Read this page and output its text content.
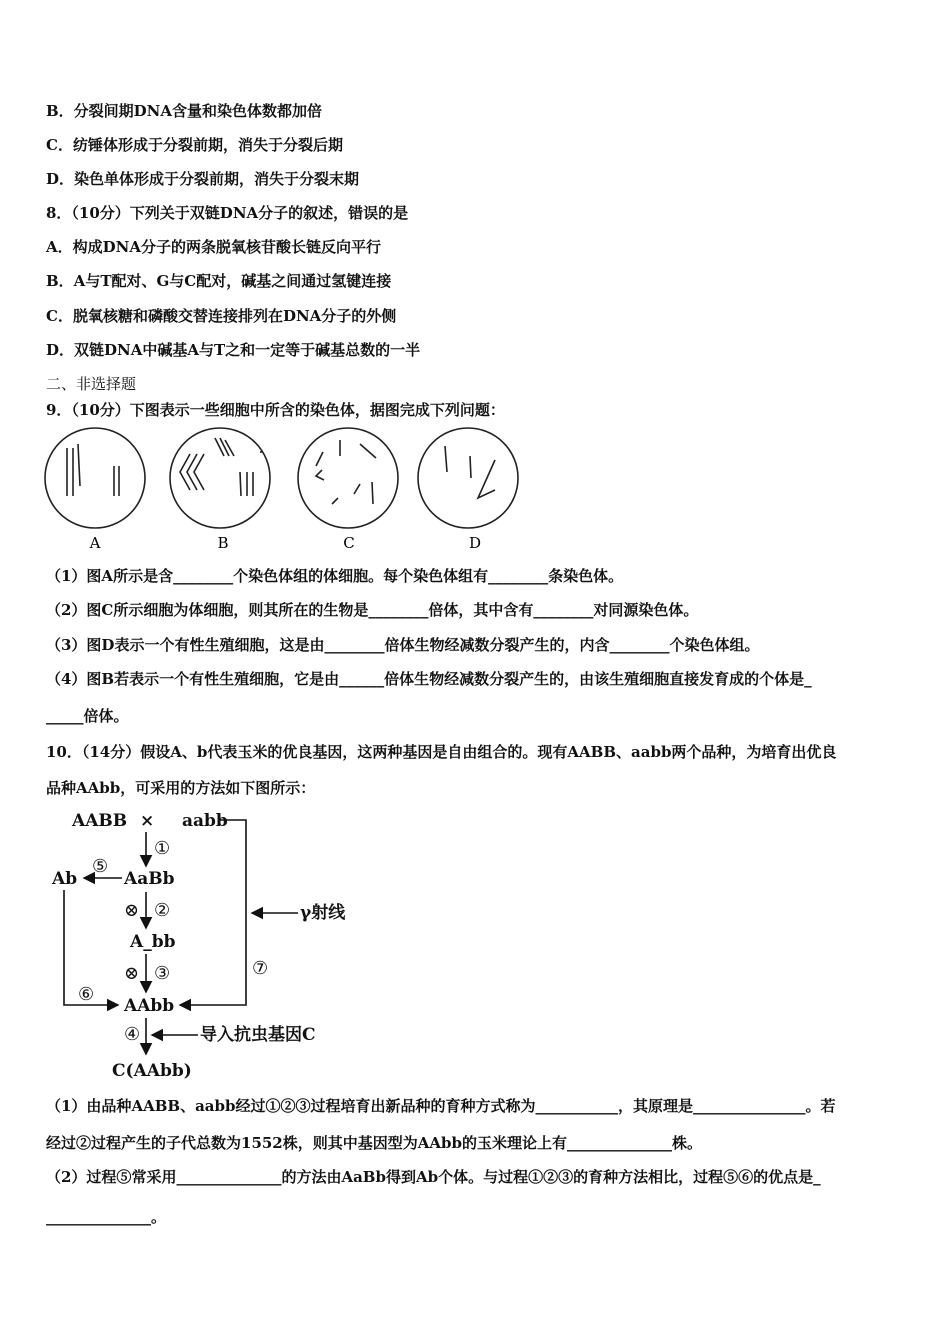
B．分裂间期DNA含量和染色体数都加倍
C．纺锤体形成于分裂前期，消失于分裂后期
D．染色单体形成于分裂前期，消失于分裂末期
8．（10分）下列关于双链DNA分子的叙述，错误的是
A．构成DNA分子的两条脱氧核苷酸长链反向平行
B．A与T配对、G与C配对，碱基之间通过氢键连接
C．脱氧核糖和磷酸交替连接排列在DNA分子的外侧
D．双链DNA中碱基A与T之和一定等于碱基总数的一半
二、非选择题
9．（10分）下图表示一些细胞中所含的染色体，据图完成下列问题：
A	B	C	D
（1）图A所示是含________个染色体组的体细胞。每个染色体组有________条染色体。
（2）图C所示细胞为体细胞，则其所在的生物是________倍体，其中含有________对同源染色体。
（3）图D表示一个有性生殖细胞，这是由________倍体生物经减数分裂产生的，内含________个染色体组。
（4）图B若表示一个有性生殖细胞，它是由______倍体生物经减数分裂产生的，由该生殖细胞直接发育成的个体是_
_____倍体。
10．（14分）假设A、b代表玉米的优良基因，这两种基因是自由组合的。现有AABB、aabb两个品种，为培育出优良
品种AAbb，可采用的方法如下图所示：
AABB × aabb
Ab	AaBb
A_bb
AAbb
C(AAbb)
γ射线
导入抗虫基因C
①
⑤
⊗ ②
⊗ ③	⑦
⑥
④
（1）由品种AABB、aabb经过①②③过程培育出新品种的育种方式称为___________，其原理是_______________。若
经过②过程产生的子代总数为1552株，则其中基因型为AAbb的玉米理论上有______________株。
（2）过程⑤常采用______________的方法由AaBb得到Ab个体。与过程①②③的育种方法相比，过程⑤⑥的优点是_
______________。
